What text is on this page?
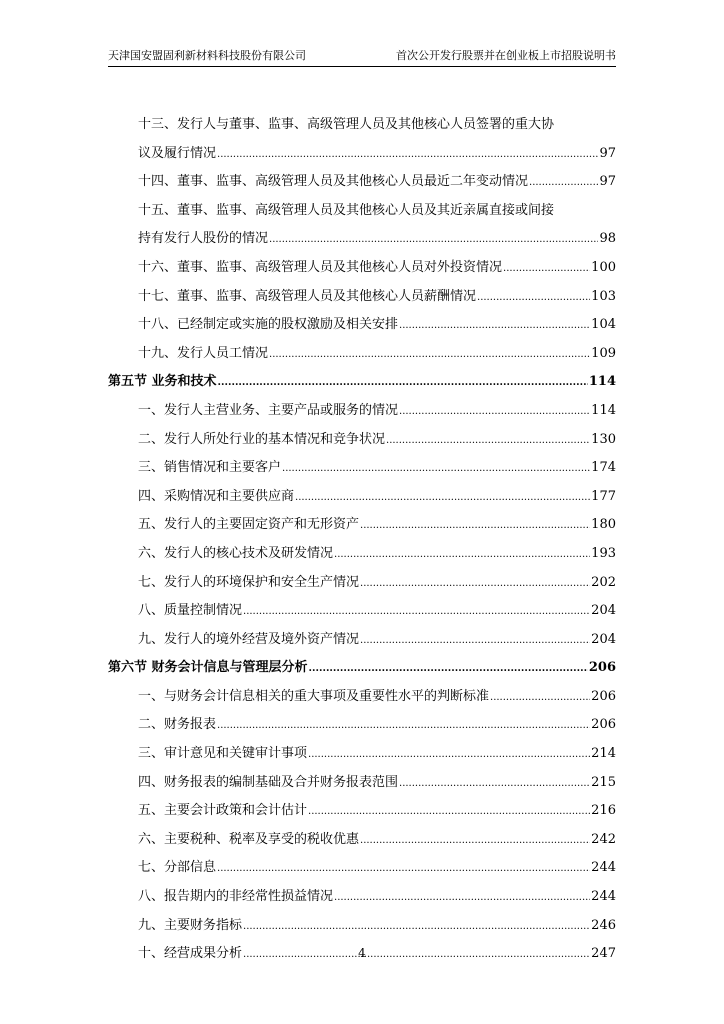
天津国安盟固利新材料科技股份有限公司	首次公开发行股票并在创业板上市招股说明书
十三、发行人与董事、监事、高级管理人员及其他核心人员签署的重大协
议及履行情况 .....	97
十四、董事、监事、高级管理人员及其他核心人员最近二年变动情况 .....	97
十五、董事、监事、高级管理人员及其他核心人员及其近亲属直接或间接
持有发行人股份的情况 .....	98
十六、董事、监事、高级管理人员及其他核心人员对外投资情况 .....	100
十七、董事、监事、高级管理人员及其他核心人员薪酬情况 .....	103
十八、已经制定或实施的股权激励及相关安排 .....	104
十九、发行人员工情况 .....	109
第五节 业务和技术 .....	114
一、发行人主营业务、主要产品或服务的情况 .....	114
二、发行人所处行业的基本情况和竞争状况 .....	130
三、销售情况和主要客户 .....	174
四、采购情况和主要供应商 .....	177
五、发行人的主要固定资产和无形资产 .....	180
六、发行人的核心技术及研发情况 .....	193
七、发行人的环境保护和安全生产情况 .....	202
八、质量控制情况 .....	204
九、发行人的境外经营及境外资产情况 .....	204
第六节 财务会计信息与管理层分析 .....	206
一、与财务会计信息相关的重大事项及重要性水平的判断标准 .....	206
二、财务报表 .....	206
三、审计意见和关键审计事项 .....	214
四、财务报表的编制基础及合并财务报表范围 .....	215
五、主要会计政策和会计估计 .....	216
六、主要税种、税率及享受的税收优惠 .....	242
七、分部信息 .....	244
八、报告期内的非经常性损益情况 .....	244
九、主要财务指标 .....	246
十、经营成果分析 .....	247
4
